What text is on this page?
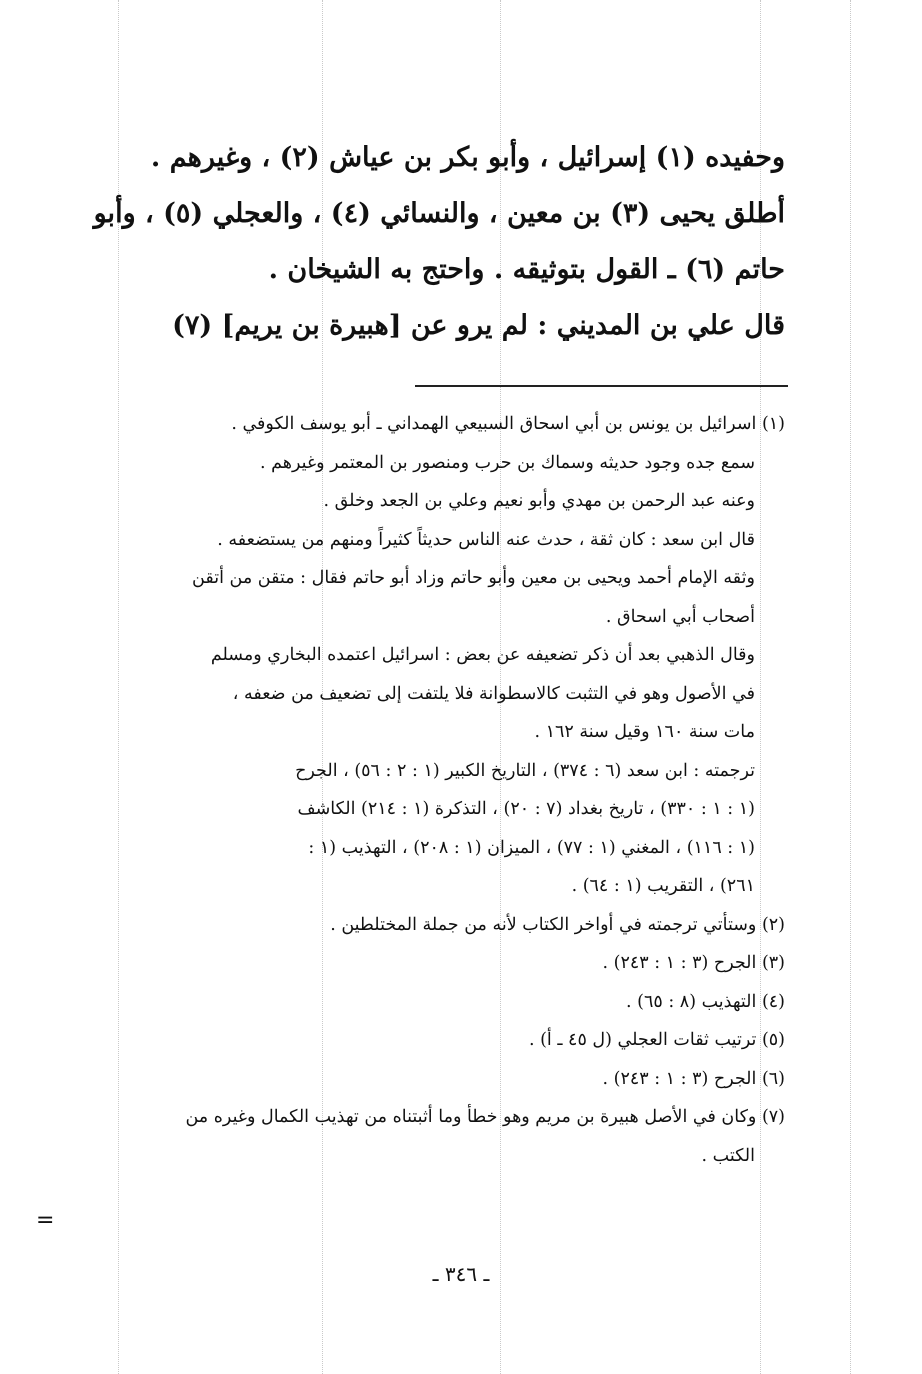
وحفيده (١) إسرائيل ، وأبو بكر بن عياش (٢) ، وغيرهم .

أطلق يحيى (٣) بن معين ، والنسائي (٤) ، والعجلي (٥) ، وأبو

حاتم (٦) ـ القول بتوثيقه . واحتج به الشيخان .

قال علي بن المديني : لم يرو عن [هبيرة بن يريم] (٧)

(١) اسرائيل بن يونس بن أبي اسحاق السبيعي الهمداني ـ أبو يوسف الكوفي .
سمع جده وجود حديثه وسماك بن حرب ومنصور بن المعتمر وغيرهم .
وعنه عبد الرحمن بن مهدي وأبو نعيم وعلي بن الجعد وخلق .
قال ابن سعد : كان ثقة ، حدث عنه الناس حديثاً كثيراً ومنهم من يستضعفه .
وثقه الإمام أحمد ويحيى بن معين وأبو حاتم وزاد أبو حاتم فقال : متقن من أتقن
أصحاب أبي اسحاق .
وقال الذهبي بعد أن ذكر تضعيفه عن بعض : اسرائيل اعتمده البخاري ومسلم
في الأصول وهو في التثبت كالاسطوانة فلا يلتفت إلى تضعيف من ضعفه ،
مات سنة ١٦٠ وقيل سنة ١٦٢ .
ترجمته : ابن سعد (٦ : ٣٧٤) ، التاريخ الكبير (١ : ٢ : ٥٦) ، الجرح
(١ : ١ : ٣٣٠) ، تاريخ بغداد (٧ : ٢٠) ، التذكرة (١ : ٢١٤) الكاشف
(١ : ١١٦) ، المغني (١ : ٧٧) ، الميزان (١ : ٢٠٨) ، التهذيب (١ :
٢٦١) ، التقريب (١ : ٦٤) .

(٢) وستأتي ترجمته في أواخر الكتاب لأنه من جملة المختلطين .

(٣) الجرح (٣ : ١ : ٢٤٣) .

(٤) التهذيب (٨ : ٦٥) .

(٥) ترتيب ثقات العجلي (ل ٤٥ ـ أ) .

(٦) الجرح (٣ : ١ : ٢٤٣) .

(٧) وكان في الأصل هبيرة بن مريم وهو خطأ وما أثبتناه من تهذيب الكمال وغيره من
الكتب .

=
ـ ٣٤٦ ـ
